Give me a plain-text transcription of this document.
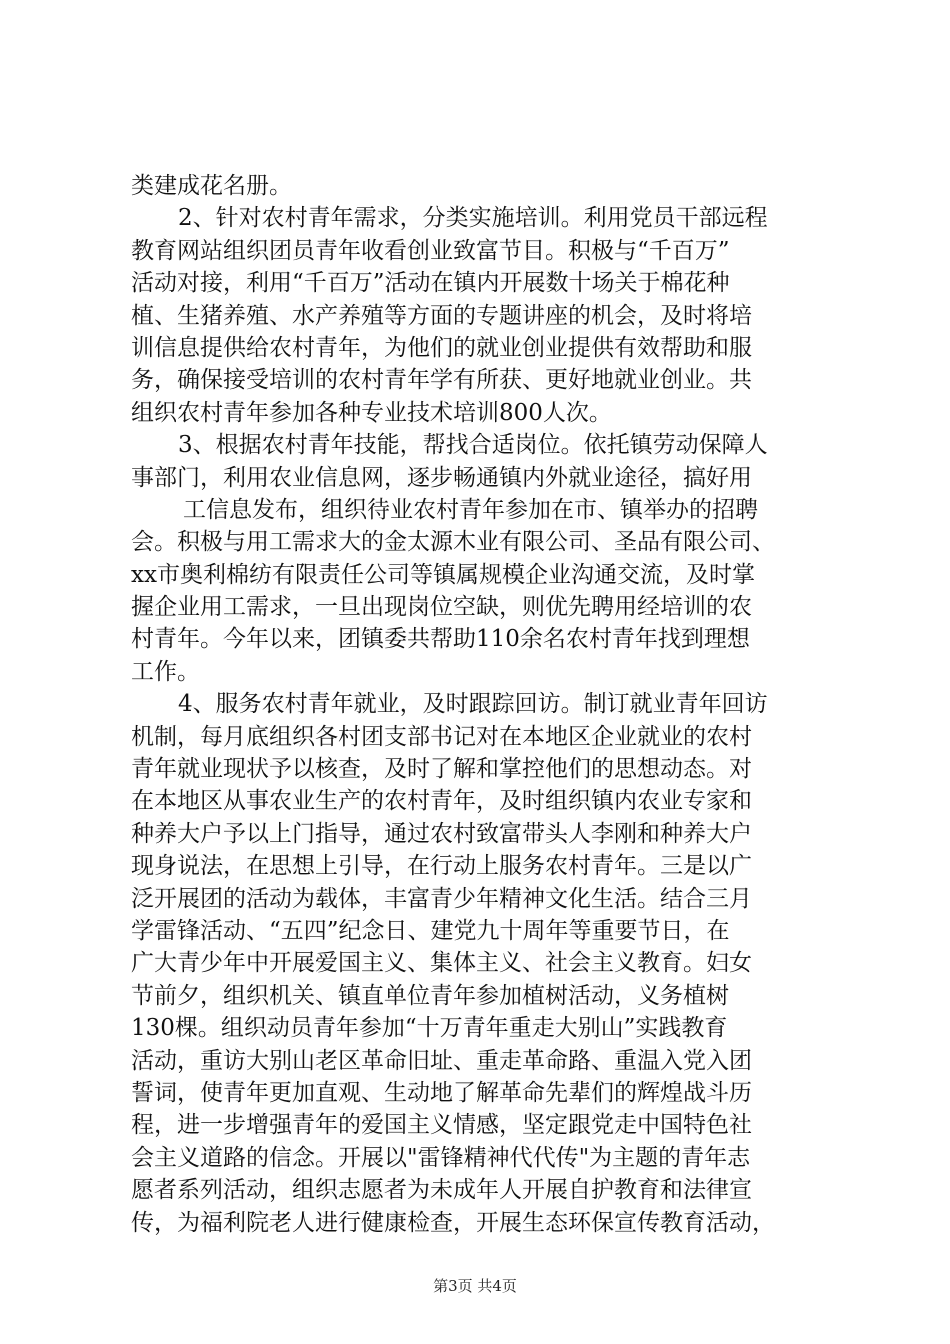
类建成花名册。
2、针对农村青年需求，分类实施培训。利用党员干部远程
教育网站组织团员青年收看创业致富节目。积极与“千百万”
活动对接，利用“千百万”活动在镇内开展数十场关于棉花种
植、生猪养殖、水产养殖等方面的专题讲座的机会，及时将培
训信息提供给农村青年，为他们的就业创业提供有效帮助和服
务，确保接受培训的农村青年学有所获、更好地就业创业。共
组织农村青年参加各种专业技术培训800人次。
3、根据农村青年技能，帮找合适岗位。依托镇劳动保障人
事部门，利用农业信息网，逐步畅通镇内外就业途径，搞好用
工信息发布，组织待业农村青年参加在市、镇举办的招聘
会。积极与用工需求大的金太源木业有限公司、圣品有限公司、
xx市奥利棉纺有限责任公司等镇属规模企业沟通交流，及时掌
握企业用工需求，一旦出现岗位空缺，则优先聘用经培训的农
村青年。今年以来，团镇委共帮助110余名农村青年找到理想
工作。
4、服务农村青年就业，及时跟踪回访。制订就业青年回访
机制，每月底组织各村团支部书记对在本地区企业就业的农村
青年就业现状予以核查，及时了解和掌控他们的思想动态。对
在本地区从事农业生产的农村青年，及时组织镇内农业专家和
种养大户予以上门指导，通过农村致富带头人李刚和种养大户
现身说法，在思想上引导，在行动上服务农村青年。三是以广
泛开展团的活动为载体，丰富青少年精神文化生活。结合三月
学雷锋活动、“五四”纪念日、建党九十周年等重要节日，在
广大青少年中开展爱国主义、集体主义、社会主义教育。妇女
节前夕，组织机关、镇直单位青年参加植树活动，义务植树
130棵。组织动员青年参加“十万青年重走大别山”实践教育
活动，重访大别山老区革命旧址、重走革命路、重温入党入团
誓词，使青年更加直观、生动地了解革命先辈们的辉煌战斗历
程，进一步增强青年的爱国主义情感，坚定跟党走中国特色社
会主义道路的信念。开展以"雷锋精神代代传"为主题的青年志
愿者系列活动，组织志愿者为未成年人开展自护教育和法律宣
传，为福利院老人进行健康检查，开展生态环保宣传教育活动，
第3页 共4页
